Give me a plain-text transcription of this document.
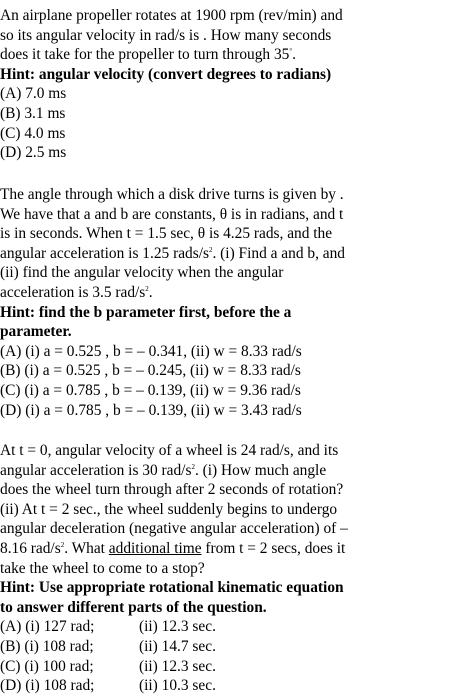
An airplane propeller rotates at 1900 rpm (rev/min) and
so its angular velocity in rad/s is . How many seconds
does it take for the propeller to turn through 35°.
Hint: angular velocity (convert degrees to radians)
(A) 7.0 ms
(B) 3.1 ms
(C) 4.0 ms
(D) 2.5 ms
The angle through which a disk drive turns is given by .
We have that a and b are constants, θ is in radians, and t
is in seconds. When t = 1.5 sec, θ is 4.25 rads, and the
angular acceleration is 1.25 rads/$s^2$. (i) Find a and b, and
(ii) find the angular velocity when the angular
acceleration is 3.5 rad/$s^2$.
Hint: find the b parameter first, before the a
parameter.
(A) (i) a = 0.525 , b = – 0.341, (ii) w = 8.33 rad/s
(B) (i) a = 0.525 , b = – 0.245, (ii) w = 8.33 rad/s
(C) (i) a = 0.785 , b = – 0.139, (ii) w = 9.36 rad/s
(D) (i) a = 0.785 , b = – 0.139, (ii) w = 3.43 rad/s
At t = 0, angular velocity of a wheel is 24 rad/s, and its
angular acceleration is 30 rad/$s^2$. (i) How much angle
does the wheel turn through after 2 seconds of rotation?
(ii) At t = 2 sec., the wheel suddenly begins to undergo
angular deceleration (negative angular acceleration) of –
8.16 rad/$s^2$. What additional time from t = 2 secs, does it
take the wheel to come to a stop?
Hint: Use appropriate rotational kinematic equation
to answer different parts of the question.
(A) (i) 127 rad;	(ii) 12.3 sec.
(B) (i) 108 rad;	(ii) 14.7 sec.
(C) (i) 100 rad;	(ii) 12.3 sec.
(D) (i) 108 rad;	(ii) 10.3 sec.
